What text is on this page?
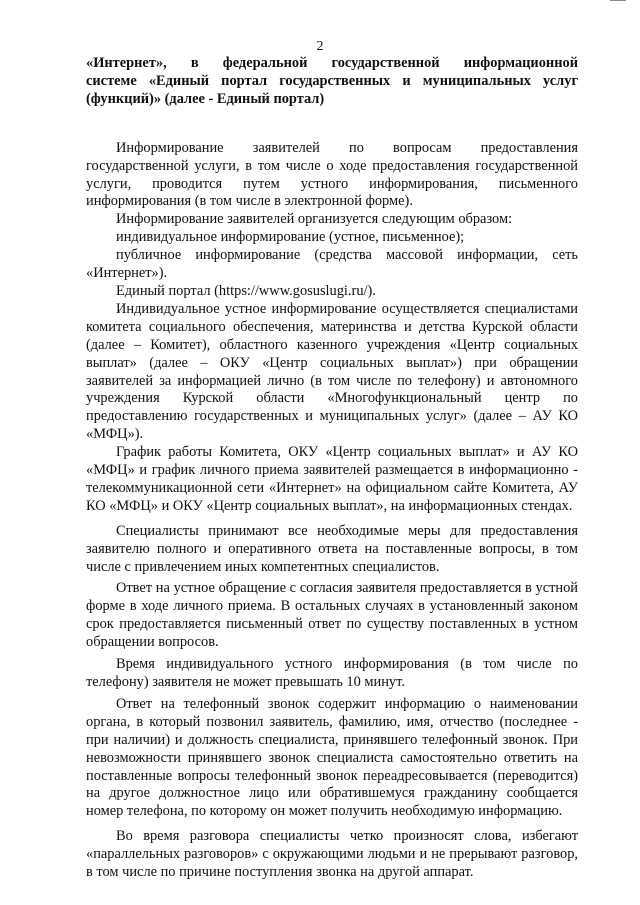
2
«Интернет», в федеральной государственной информационной
системе «Единый портал государственных и муниципальных услуг
(функций)» (далее - Единый портал)

Информирование заявителей по вопросам предоставления государственной услуги, в том числе о ходе предоставления государственной услуги, проводится путем устного информирования, письменного информирования (в том числе в электронной форме).

Информирование заявителей организуется следующим образом:

индивидуальное информирование (устное, письменное);

публичное информирование (средства массовой информации, сеть «Интернет»).

Единый портал (https://www.gosuslugi.ru/).

Индивидуальное устное информирование осуществляется специалистами комитета социального обеспечения, материнства и детства Курской области (далее – Комитет), областного казенного учреждения «Центр социальных выплат» (далее – ОКУ «Центр социальных выплат») при обращении заявителей за информацией лично (в том числе по телефону) и автономного учреждения Курской области «Многофункциональный центр по предоставлению государственных и муниципальных услуг» (далее – АУ КО «МФЦ»).

График работы Комитета, ОКУ «Центр социальных выплат» и АУ КО «МФЦ» и график личного приема заявителей размещается в информационно - телекоммуникационной сети «Интернет» на официальном сайте Комитета, АУ КО «МФЦ» и ОКУ «Центр социальных выплат», на информационных стендах.

Специалисты принимают все необходимые меры для предоставления заявителю полного и оперативного ответа на поставленные вопросы, в том числе с привлечением иных компетентных специалистов.

Ответ на устное обращение с согласия заявителя предоставляется в устной форме в ходе личного приема. В остальных случаях в установленный законом срок предоставляется письменный ответ по существу поставленных в устном обращении вопросов.

Время индивидуального устного информирования (в том числе по телефону) заявителя не может превышать 10 минут.

Ответ на телефонный звонок содержит информацию о наименовании органа, в который позвонил заявитель, фамилию, имя, отчество (последнее - при наличии) и должность специалиста, принявшего телефонный звонок. При невозможности принявшего звонок специалиста самостоятельно ответить на поставленные вопросы телефонный звонок переадресовывается (переводится) на другое должностное лицо или обратившемуся гражданину сообщается номер телефона, по которому он может получить необходимую информацию.

Во время разговора специалисты четко произносят слова, избегают «параллельных разговоров» с окружающими людьми и не прерывают разговор, в том числе по причине поступления звонка на другой аппарат.
